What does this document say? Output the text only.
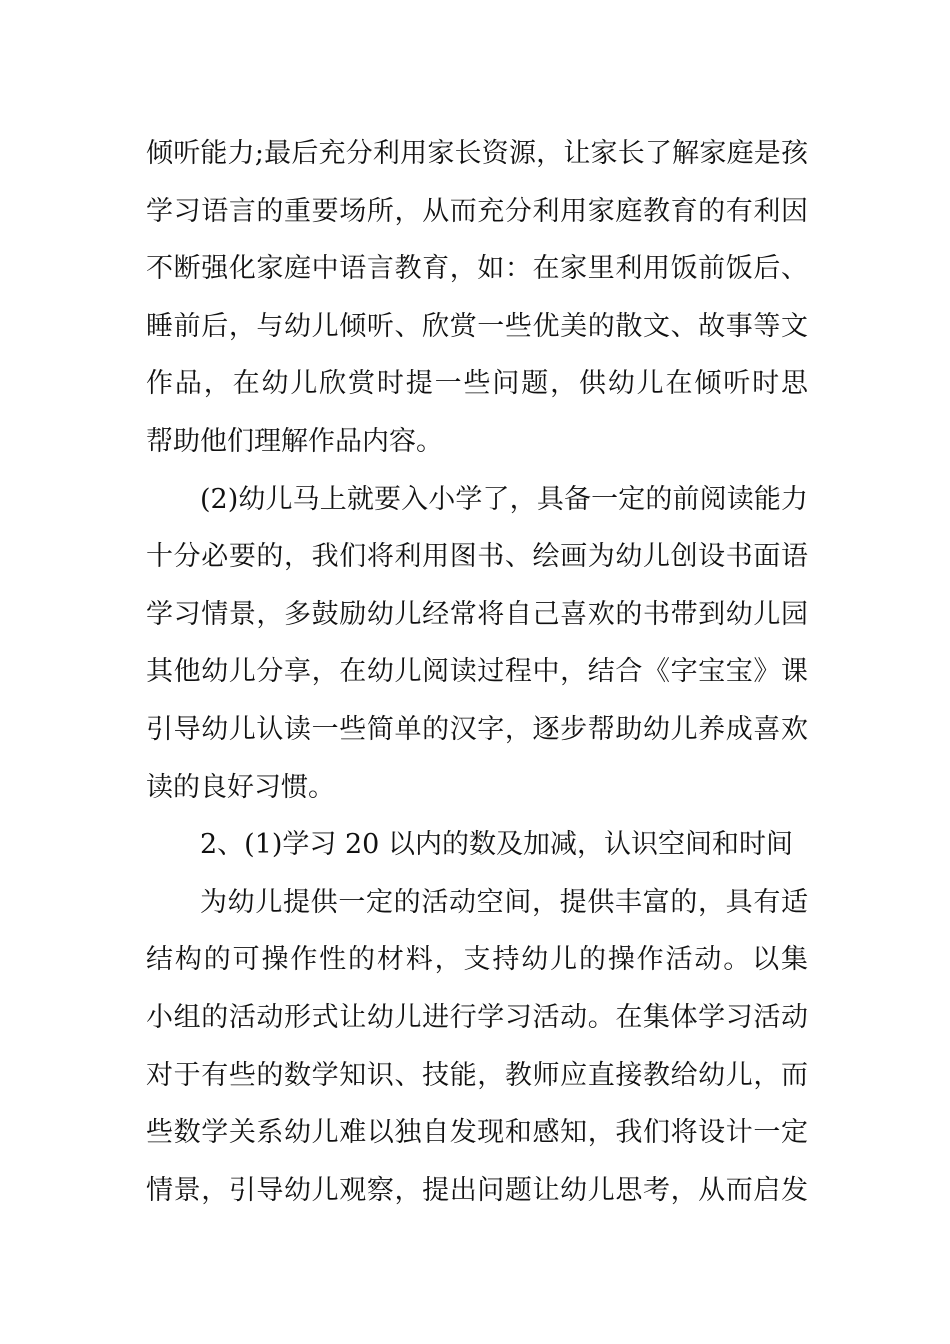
倾听能力;最后充分利用家长资源，让家长了解家庭是孩
学习语言的重要场所，从而充分利用家庭教育的有利因
不断强化家庭中语言教育，如：在家里利用饭前饭后、
睡前后，与幼儿倾听、欣赏一些优美的散文、故事等文
作品，在幼儿欣赏时提一些问题，供幼儿在倾听时思
帮助他们理解作品内容。
(2)幼儿马上就要入小学了，具备一定的前阅读能力
十分必要的，我们将利用图书、绘画为幼儿创设书面语
学习情景，多鼓励幼儿经常将自己喜欢的书带到幼儿园
其他幼儿分享，在幼儿阅读过程中，结合《字宝宝》课
引导幼儿认读一些简单的汉字，逐步帮助幼儿养成喜欢
读的良好习惯。
2、(1)学习 20 以内的数及加减，认识空间和时间
为幼儿提供一定的活动空间，提供丰富的，具有适
结构的可操作性的材料，支持幼儿的操作活动。以集
小组的活动形式让幼儿进行学习活动。在集体学习活动
对于有些的数学知识、技能，教师应直接教给幼儿，而
些数学关系幼儿难以独自发现和感知，我们将设计一定
情景，引导幼儿观察，提出问题让幼儿思考，从而启发
